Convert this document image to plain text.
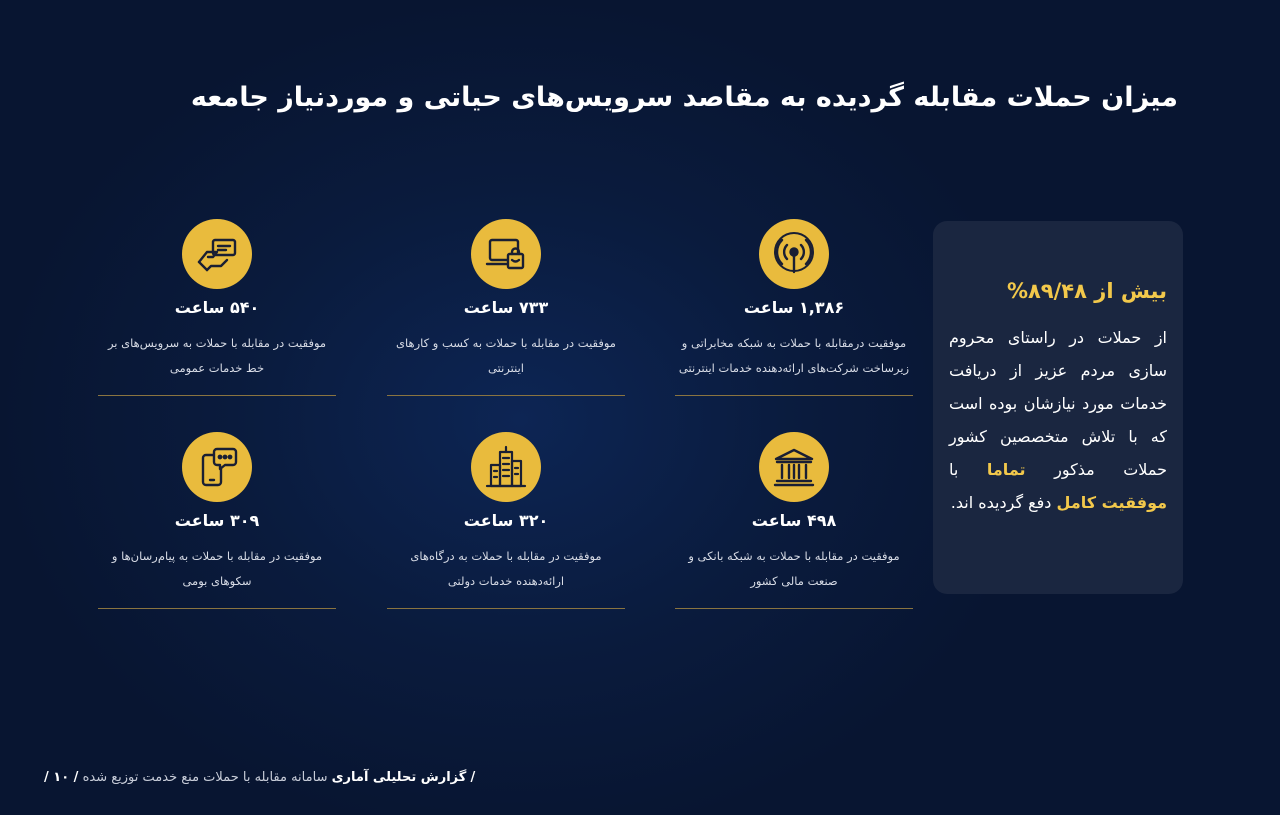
میزان حملات مقابله گردیده به مقاصد سرویس‌های حیاتی و موردنیاز جامعه
بیش از ۸۹/۴۸%
از حملات در راستای محروم سازی مردم عزیز از دریافت خدمات مورد نیازشان بوده است که با تلاش متخصصین کشور حملات مذکور تماما با موفقیت کامل دفع گردیده اند.
۱,۳۸۶ ساعت
موفقیت درمقابله با حملات به شبکه مخابراتی و زیرساخت شرکت‌های ارائه‌دهنده خدمات اینترنتی
۷۳۳ ساعت
موفقیت در مقابله با حملات به کسب و کارهای اینترنتی
۵۴۰ ساعت
موفقیت در مقابله با حملات به سرویس‌های بر خط خدمات عمومی
۴۹۸ ساعت
موفقیت در مقابله با حملات به شبکه بانکی و صنعت مالی کشور
۳۲۰ ساعت
موفقیت در مقابله با حملات به درگاه‌های ارائه‌دهنده خدمات دولتی
۳۰۹ ساعت
موفقیت در مقابله با حملات به پیام‌رسان‌ها و سکوهای بومی
/ گزارش تحلیلی آماری سامانه مقابله با حملات منع خدمت توزیع شده / ۱۰ /
